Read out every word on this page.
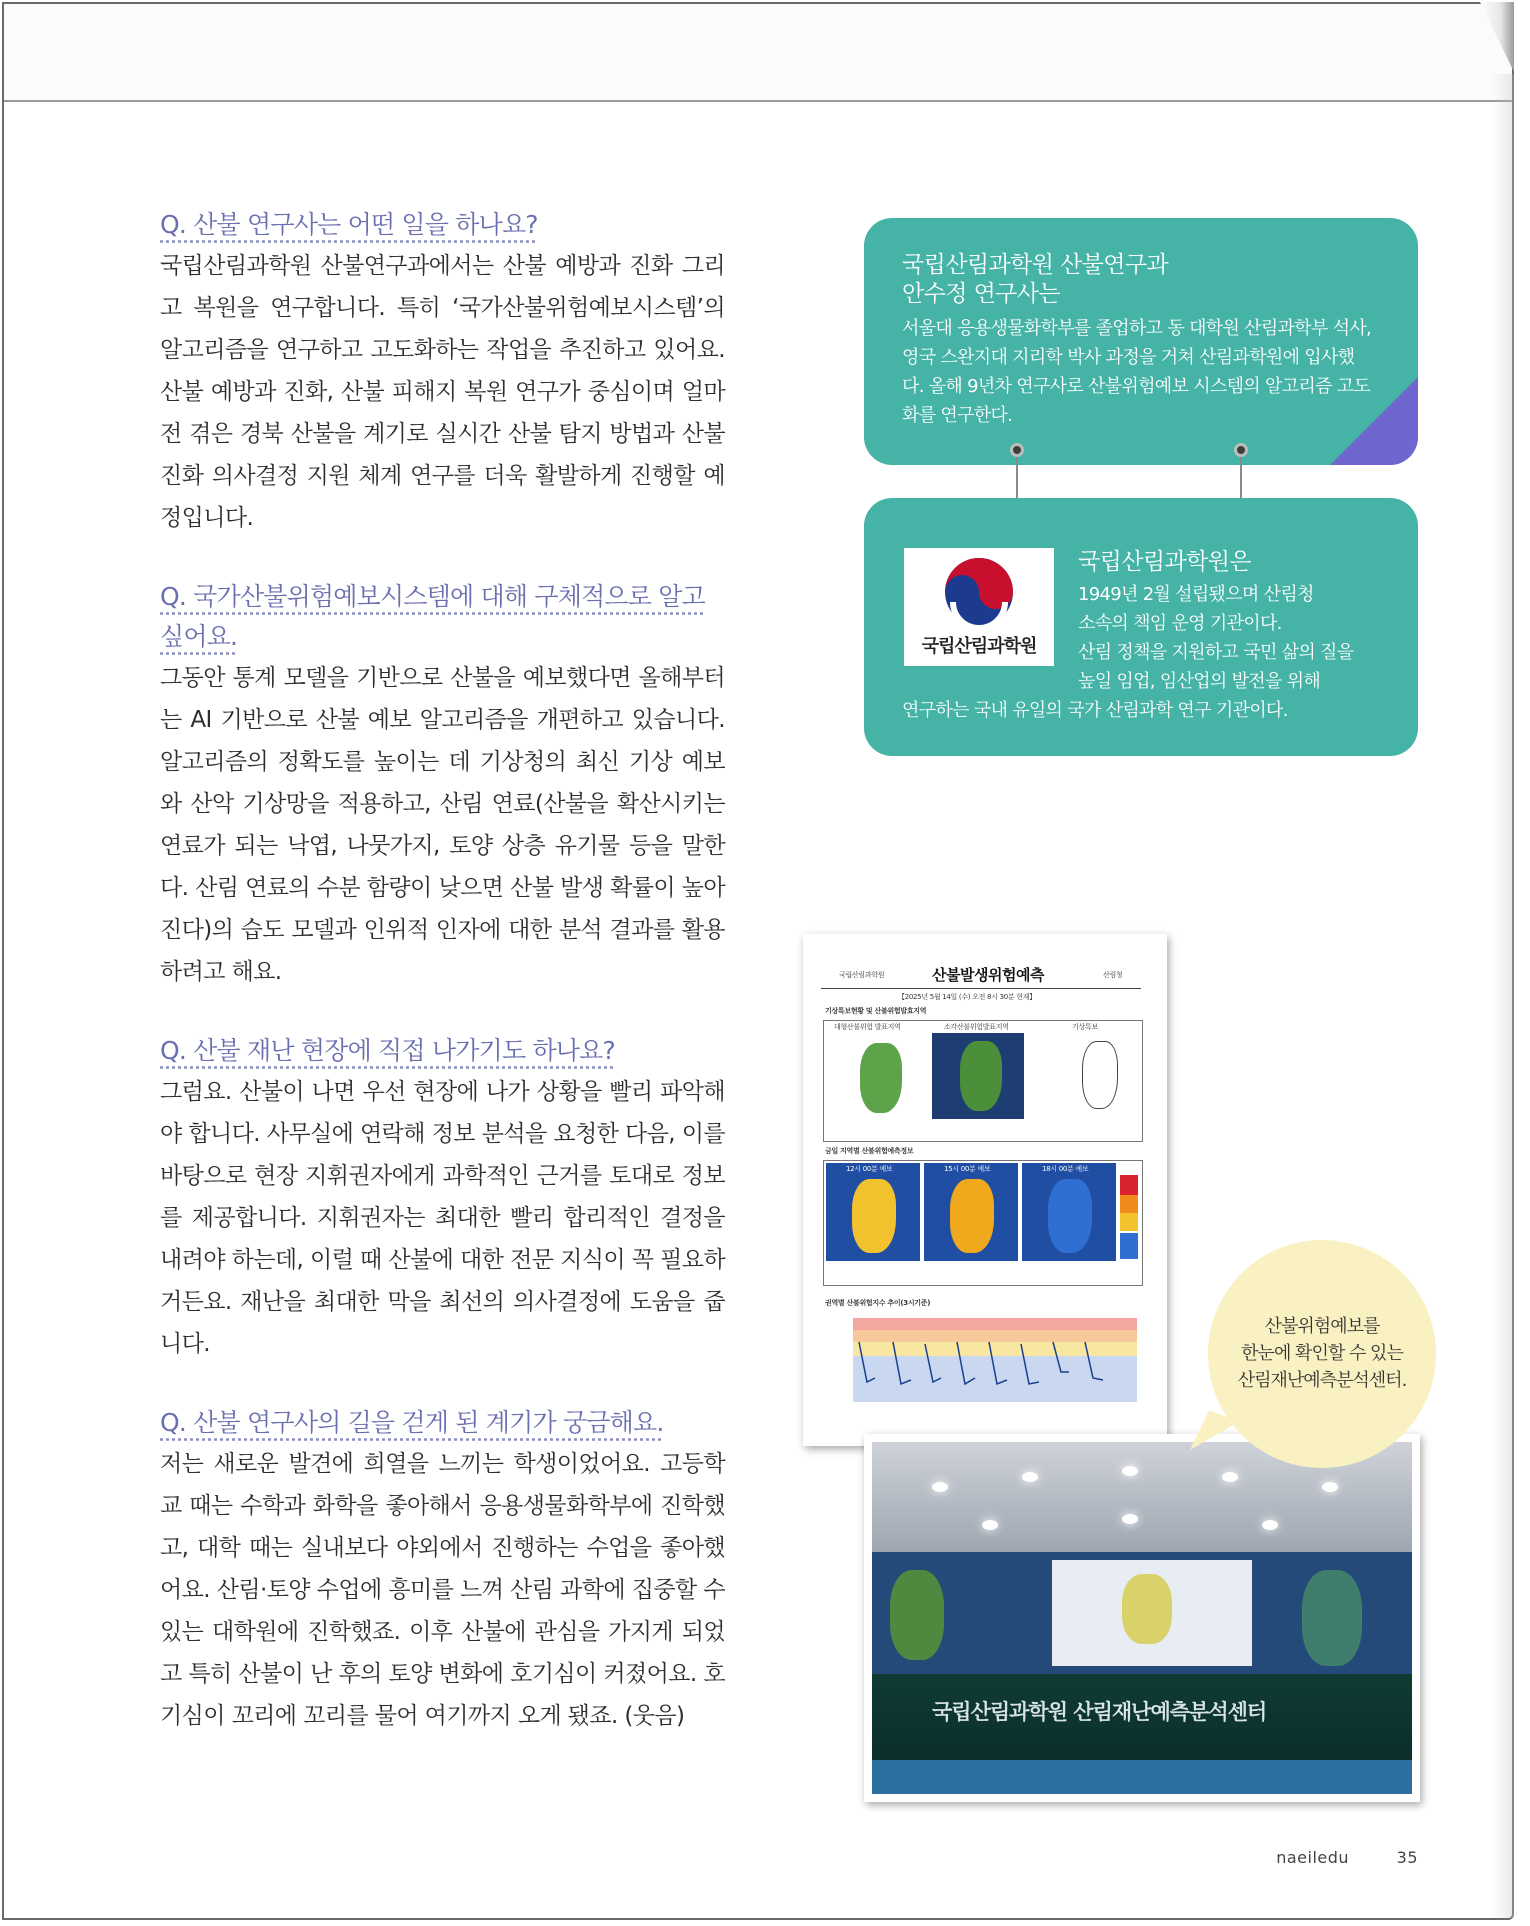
Q. 산불 연구사는 어떤 일을 하나요?

국립산림과학원 산불연구과에서는 산불 예방과 진화 그리고 복원을 연구합니다. 특히 ‘국가산불위험예보시스템’의 알고리즘을 연구하고 고도화하는 작업을 추진하고 있어요. 산불 예방과 진화, 산불 피해지 복원 연구가 중심이며 얼마 전 겪은 경북 산불을 계기로 실시간 산불 탐지 방법과 산불 진화 의사결정 지원 체계 연구를 더욱 활발하게 진행할 예정입니다.

Q. 국가산불위험예보시스템에 대해 구체적으로 알고 싶어요.

그동안 통계 모델을 기반으로 산불을 예보했다면 올해부터는 AI 기반으로 산불 예보 알고리즘을 개편하고 있습니다. 알고리즘의 정확도를 높이는 데 기상청의 최신 기상 예보와 산악 기상망을 적용하고, 산림 연료(산불을 확산시키는 연료가 되는 낙엽, 나뭇가지, 토양 상층 유기물 등을 말한다. 산림 연료의 수분 함량이 낮으면 산불 발생 확률이 높아진다)의 습도 모델과 인위적 인자에 대한 분석 결과를 활용하려고 해요.

Q. 산불 재난 현장에 직접 나가기도 하나요?

그럼요. 산불이 나면 우선 현장에 나가 상황을 빨리 파악해야 합니다. 사무실에 연락해 정보 분석을 요청한 다음, 이를 바탕으로 현장 지휘권자에게 과학적인 근거를 토대로 정보를 제공합니다. 지휘권자는 최대한 빨리 합리적인 결정을 내려야 하는데, 이럴 때 산불에 대한 전문 지식이 꼭 필요하거든요. 재난을 최대한 막을 최선의 의사결정에 도움을 줍니다.

Q. 산불 연구사의 길을 걷게 된 계기가 궁금해요.

저는 새로운 발견에 희열을 느끼는 학생이었어요. 고등학교 때는 수학과 화학을 좋아해서 응용생물화학부에 진학했고, 대학 때는 실내보다 야외에서 진행하는 수업을 좋아했어요. 산림·토양 수업에 흥미를 느껴 산림 과학에 집중할 수 있는 대학원에 진학했죠. 이후 산불에 관심을 가지게 되었고 특히 산불이 난 후의 토양 변화에 호기심이 커졌어요. 호기심이 꼬리에 꼬리를 물어 여기까지 오게 됐죠. (웃음)

국립산림과학원 산불연구과
안수정 연구사는
서울대 응용생물화학부를 졸업하고 동 대학원 산림과학부 석사, 영국 스완지대 지리학 박사 과정을 거쳐 산림과학원에 입사했다. 올해 9년차 연구사로 산불위험예보 시스템의 알고리즘 고도화를 연구한다.
국립산림과학원
국립산림과학원은
1949년 2월 설립됐으며 산림청
소속의 책임 운영 기관이다.
산림 정책을 지원하고 국민 삶의 질을
높일 임업, 임산업의 발전을 위해
연구하는 국내 유일의 국가 산림과학 연구 기관이다.
국립산림과학원	산불발생위험예측	산림청
【2025년 5월 14일 (수) 오전 8시 30분 현재】
기상특보현황 및 산불위험발효지역
대형산불위험 발표지역	소각산불위험발표지역	기상특보
금일 지역별 산불위험예측정보
12시 00분 예보	15시 00분 예보	18시 00분 예보
권역별 산불위험지수 추이(3시기준)
국립산림과학원 산림재난예측분석센터
산불위험예보를
한눈에 확인할 수 있는
산림재난예측분석센터.
naeiledu	35
